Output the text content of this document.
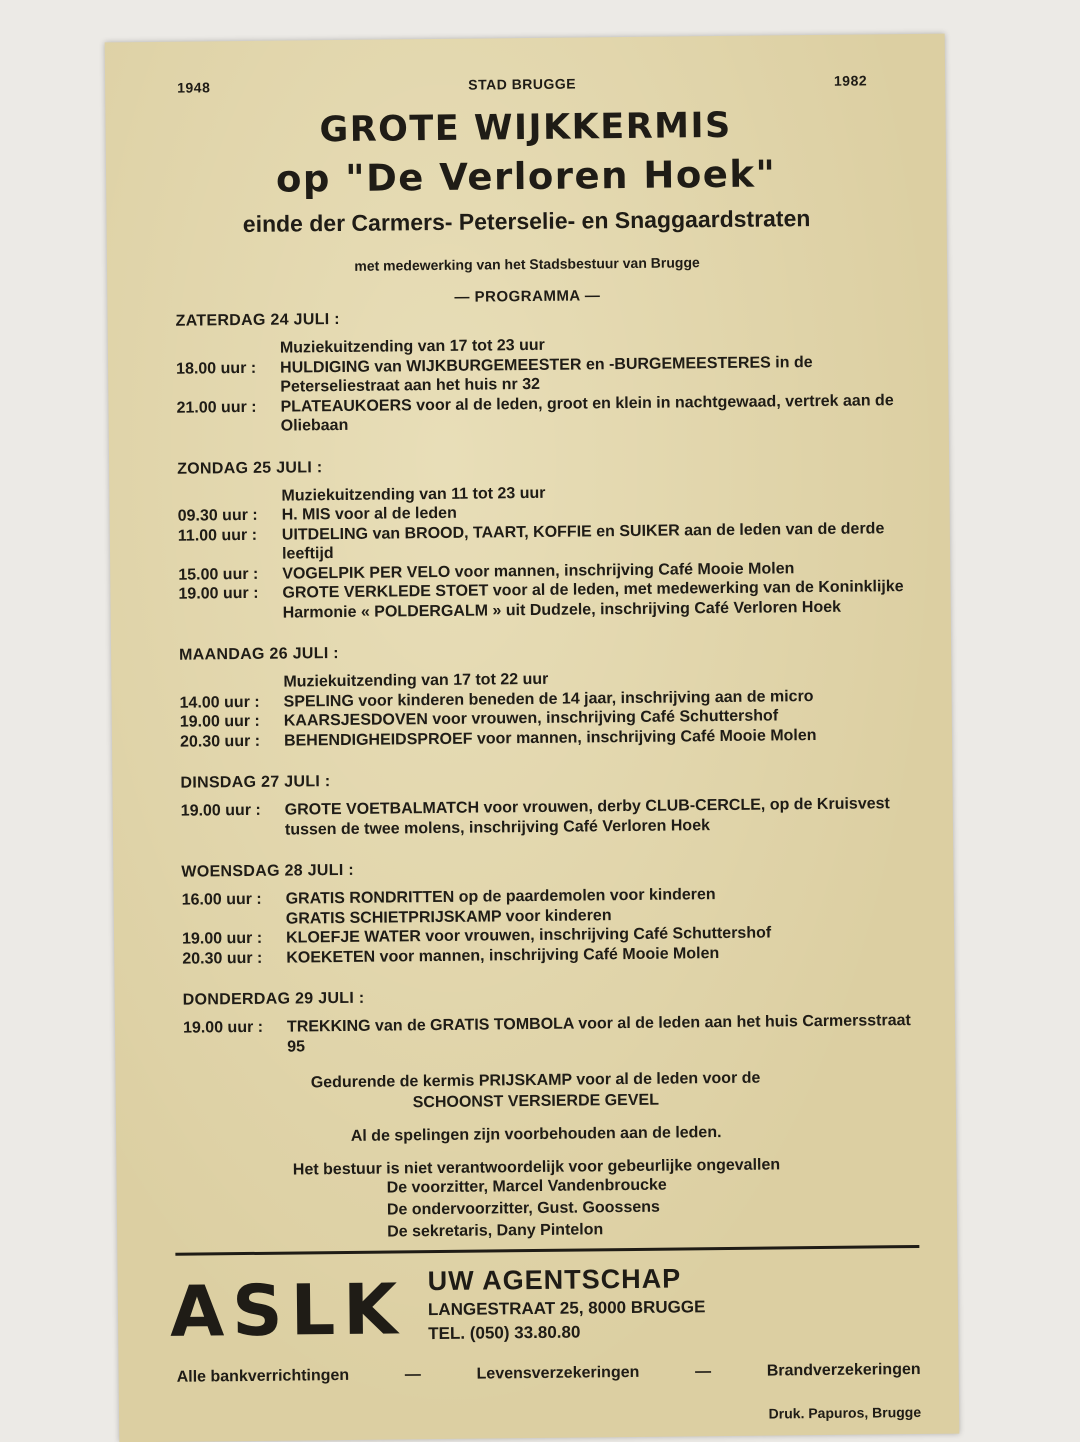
1948	STAD BRUGGE	1982
GROTE WIJKKERMIS
op "De Verloren Hoek"
einde der Carmers- Peterselie- en Snaggaardstraten
met medewerking van het Stadsbestuur van Brugge
— PROGRAMMA —
ZATERDAG 24 JULI :
Muziekuitzending van 17 tot 23 uur
18.00 uur :	HULDIGING van WIJKBURGEMEESTER en -BURGEMEESTERES in de Peterseliestraat aan het huis nr 32
21.00 uur :	PLATEAUKOERS voor al de leden, groot en klein in nachtgewaad, vertrek aan de Oliebaan
ZONDAG 25 JULI :
Muziekuitzending van 11 tot 23 uur
09.30 uur :	H. MIS voor al de leden
11.00 uur :	UITDELING van BROOD, TAART, KOFFIE en SUIKER aan de leden van de derde leeftijd
15.00 uur :	VOGELPIK PER VELO voor mannen, inschrijving Café Mooie Molen
19.00 uur :	GROTE VERKLEDE STOET voor al de leden, met medewerking van de Koninklijke Harmonie « POLDERGALM » uit Dudzele, inschrijving Café Verloren Hoek
MAANDAG 26 JULI :
Muziekuitzending van 17 tot 22 uur
14.00 uur :	SPELING voor kinderen beneden de 14 jaar, inschrijving aan de micro
19.00 uur :	KAARSJESDOVEN voor vrouwen, inschrijving Café Schuttershof
20.30 uur :	BEHENDIGHEIDSPROEF voor mannen, inschrijving Café Mooie Molen
DINSDAG 27 JULI :
19.00 uur :	GROTE VOETBALMATCH voor vrouwen, derby CLUB-CERCLE, op de Kruisvest tussen de twee molens, inschrijving Café Verloren Hoek
WOENSDAG 28 JULI :
16.00 uur :	GRATIS RONDRITTEN op de paardemolen voor kinderen
GRATIS SCHIETPRIJSKAMP voor kinderen
19.00 uur :	KLOEFJE WATER voor vrouwen, inschrijving Café Schuttershof
20.30 uur :	KOEKETEN voor mannen, inschrijving Café Mooie Molen
DONDERDAG 29 JULI :
19.00 uur :	TREKKING van de GRATIS TOMBOLA voor al de leden aan het huis Carmersstraat 95

Gedurende de kermis PRIJSKAMP voor al de leden voor de

SCHOONST VERSIERDE GEVEL

Al de spelingen zijn voorbehouden aan de leden.

Het bestuur is niet verantwoordelijk voor gebeurlijke ongevallen

De voorzitter, Marcel Vandenbroucke
De ondervoorzitter, Gust. Goossens
De sekretaris, Dany Pintelon
ASLK UW AGENTSCHAP
LANGESTRAAT 25, 8000 BRUGGE
TEL. (050) 33.80.80
Alle bankverrichtingen	—	Levensverzekeringen	—	Brandverzekeringen
Druk. Papuros, Brugge
